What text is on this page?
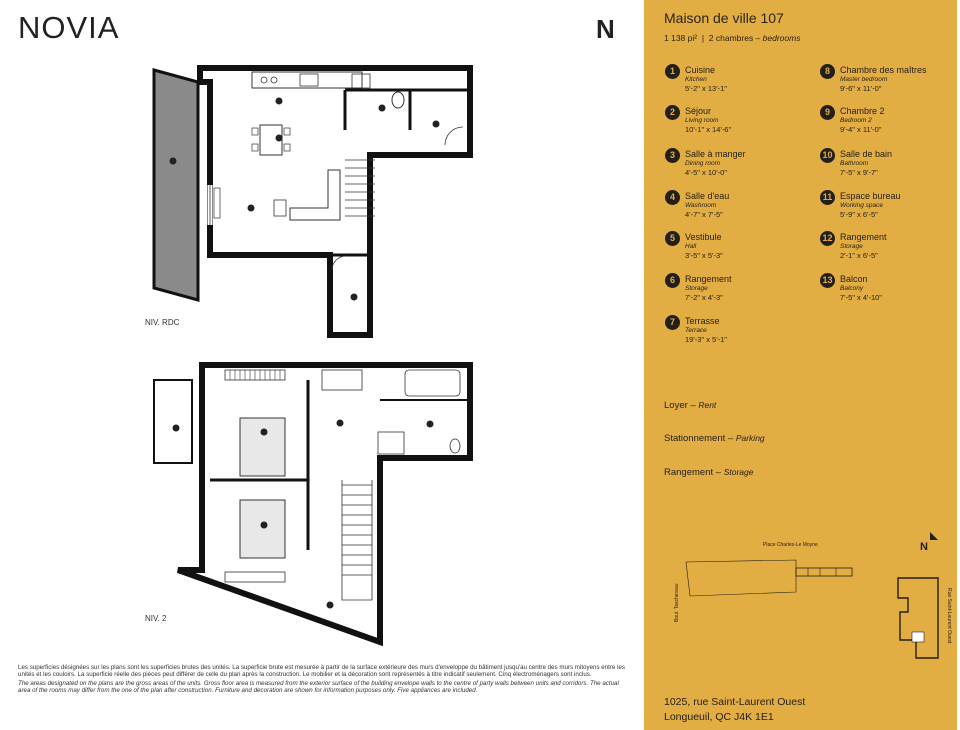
NOVIA	N
NIV. RDC
NIV. 2

Les superficies désignées sur les plans sont les superficies brutes des unités. La superficie brute est mesurée à partir de la surface extérieure des murs d'enveloppe du bâtiment jusqu'au centre des murs mitoyens entre les unités et les couloirs. La superficie réelle des pièces peut différer de celle du plan après la construction. Le mobilier et la décoration sont représentés à titre indicatif seulement. Cinq électroménagers sont inclus.

The areas designated on the plans are the gross areas of the units. Gross floor area is measured from the exterior surface of the building envelope walls to the centre of party walls between units and corridors. The actual area of the rooms may differ from the one of the plan after construction. Furniture and decoration are shown for information purposes only. Five appliances are included.

Maison de ville 107
1 138 pi²  |  2 chambres – bedrooms
1	Cuisine
Kitchen
5'-2" x 13'-1"
2	Séjour
Living room
10'-1" x 14'-6"
3	Salle à manger
Dining room
4'-5" x 10'-0"
4	Salle d'eau
Washroom
4'-7" x 7'-5"
5	Vestibule
Hall
3'-5" x 5'-3"
6	Rangement
Storage
7'-2" x 4'-3"
7	Terrasse
Terrace
19'-3" x 5'-1"
8	Chambre des maîtres
Master bedroom
9'-6" x 11'-0"
9	Chambre 2
Bedroom 2
9'-4" x 11'-0"
10 Salle de bain
Bathroom
7'-5" x 9'-7"
11 Espace bureau
Working space
5'-9" x 6'-5"
12 Rangement
Storage
2'-1" x 6'-5"
13 Balcon
Balcony
7'-5" x 4'-10"
Loyer – Rent
Stationnement – Parking
Rangement – Storage
Place Charles-Le Moyne	N
Boul. Taschereau	Rue Saint-Laurent Ouest
1025, rue Saint-Laurent Ouest
Longueuil, QC J4K 1E1
